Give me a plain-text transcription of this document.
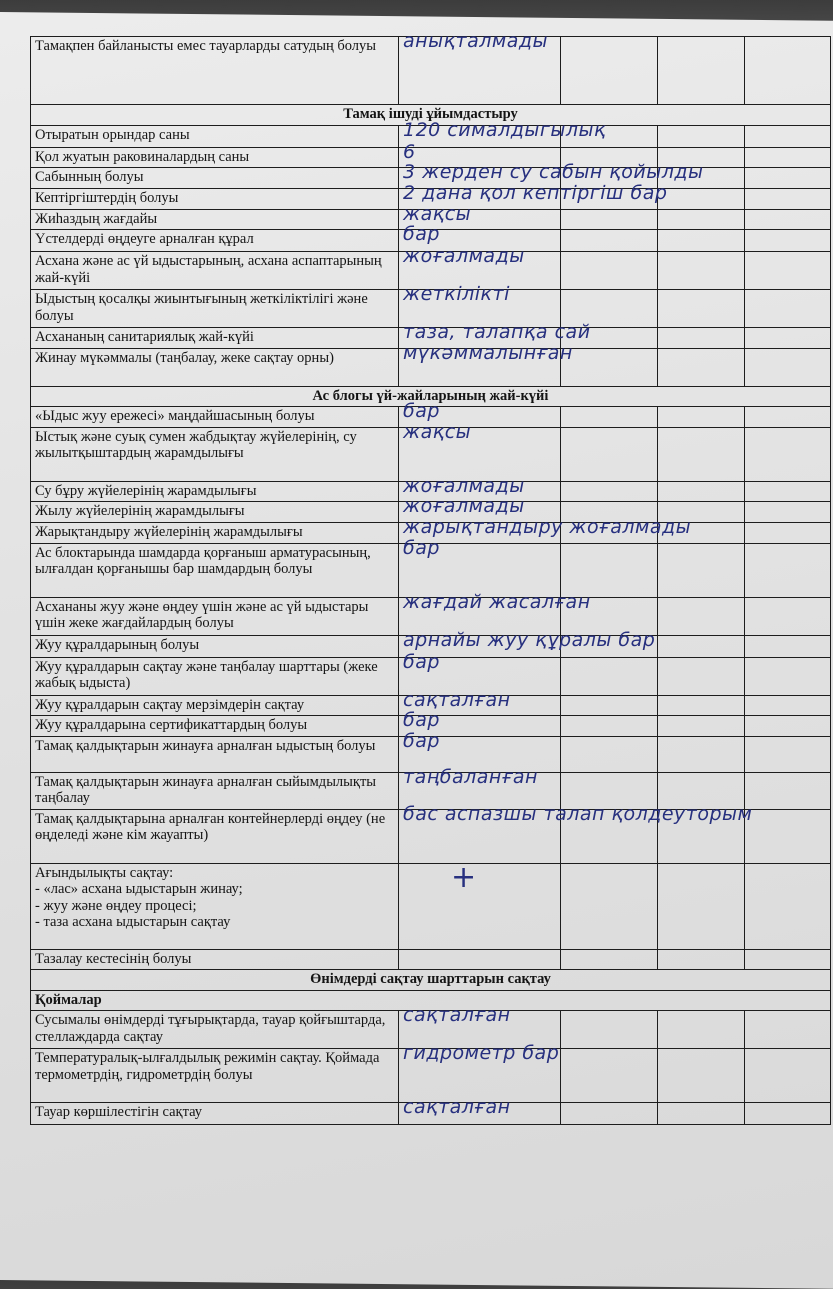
Тамақпен байланысты емес тауарларды сатудың болуы	анықталмады			

Тамақ ішуді ұйымдастыру				
Отыратын орындар саны	120 сималдыгылық			

Қол жуатын раковиналардың саны	6			

Сабынның болуы	3 жерден су сабын қойылды			

Кептіргіштердің болуы	2 дана қол кептіргіш бар			

Жиһаздың жағдайы	жақсы			

Үстелдерді өңдеуге арналған құрал	бар			

Асхана және ас үй ыдыстарының, асхана аспаптарының жай-күйі	жоғалмады			

Ыдыстың қосалқы жиынтығының жеткіліктілігі және болуы	жеткілікті			

Асхананың санитариялық жай-күйі	таза, талапқа сай			

Жинау мүкәммалы (таңбалау, жеке сақтау орны)	мүкәммалынған			

Ас блогы үй-жайларының жай-күйі				
«Ыдыс жуу ережесі» маңдайшасының болуы	бар			

Ыстық және суық сумен жабдықтау жүйелерінің, су жылытқыштардың жарамдылығы	жақсы			

Су бұру жүйелерінің жарамдылығы	жоғалмады			

Жылу жүйелерінің жарамдылығы	жоғалмады			

Жарықтандыру жүйелерінің жарамдылығы	жарықтандыру жоғалмады			

Ас блоктарында шамдарда қорғаныш арматурасының, ылғалдан қорғанышы бар шамдардың болуы	бар			

Асхананы жуу және өңдеу үшін және ас үй ыдыстары үшін жеке жағдайлардың болуы	жағдай жасалған			

Жуу құралдарының болуы	арнайы жуу құралы бар			

Жуу құралдарын сақтау және таңбалау шарттары (жеке жабық ыдыста)	бар			

Жуу құралдарын сақтау мерзімдерін сақтау	сақталған			

Жуу құралдарына сертификаттардың болуы	бар			

Тамақ қалдықтарын жинауға арналған ыдыстың болуы	бар			

Тамақ қалдықтарын жинауға арналған сыйымдылықты таңбалау	таңбаланған			

Тамақ қалдықтарына арналған контейнерлерді өңдеу (не өңделеді және кім жауапты)	бас аспазшы талап қолдеуторым			

Ағындылықты сақтау:
- «лас» асхана ыдыстарын жинау;
- жуу және өңдеу процесі;
- таза асхана ыдыстарын сақтау	+			

Тазалау кестесінің болуы	

Өнімдерді сақтау шарттарын сақтау				
Қоймалар				
Сусымалы өнімдерді тұғырықтарда, тауар қойғыштарда, стеллаждарда сақтау	сақталған			

Температуралық-ылғалдылық режимін сақтау. Қоймада термометрдің, гидрометрдің болуы	гидрометр бар			

Тауар көршілестігін сақтау	сақталған			
